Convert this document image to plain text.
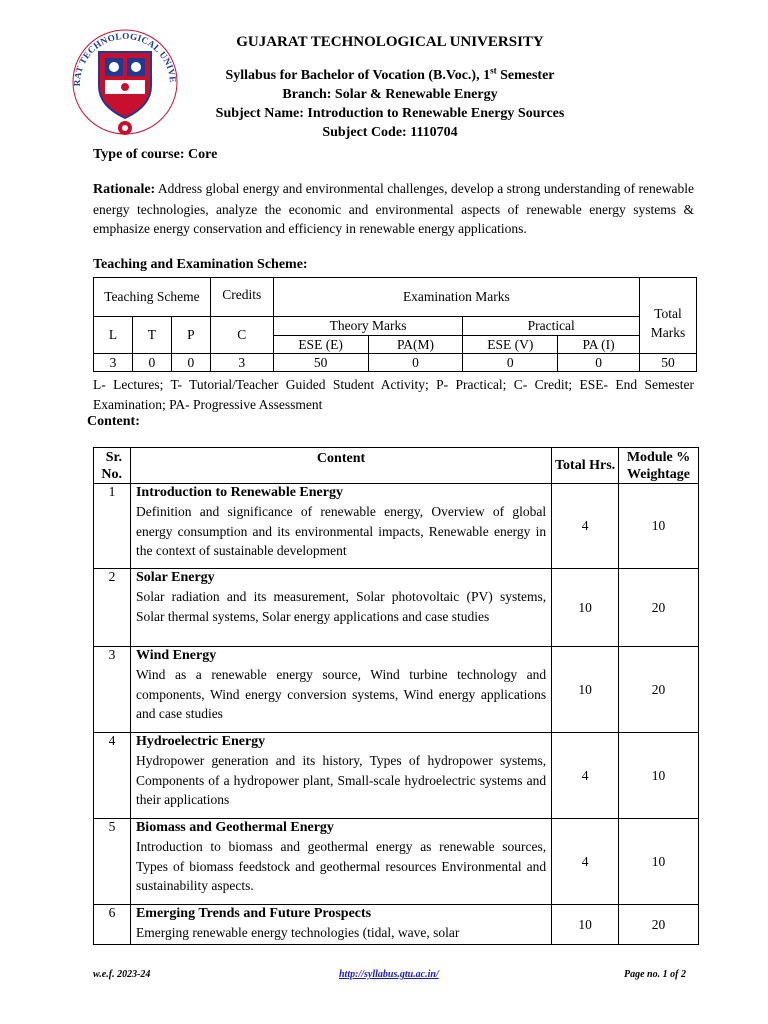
RAT TECHNOLOGICAL UNIVE
GUJARAT TECHNOLOGICAL UNIVERSITY
Syllabus for Bachelor of Vocation (B.Voc.), 1st Semester
Branch: Solar & Renewable Energy
Subject Name: Introduction to Renewable Energy Sources
Subject Code: 1110704
Type of course: Core
Rationale: Address global energy and environmental challenges, develop a strong understanding of renewable energy technologies, analyze the economic and environmental aspects of renewable energy systems & emphasize energy conservation and efficiency in renewable energy applications.
Teaching and Examination Scheme:
Teaching Scheme			Credits	Examination Marks				Total Marks
L	T	P	C	Theory Marks		Practical		
				ESE (E)	PA(M)	ESE (V)	PA (I)	
3	0	0	3	50	0	0	0	50
L- Lectures; T- Tutorial/Teacher Guided Student Activity; P- Practical; C- Credit; ESE- End Semester Examination; PA- Progressive Assessment
Content:
Sr. No.	Content	Total Hrs.	Module % Weightage
1	Introduction to Renewable Energy
Definition and significance of renewable energy, Overview of global energy consumption and its environmental impacts, Renewable energy in the context of sustainable development	4	10
2	Solar Energy
Solar radiation and its measurement, Solar photovoltaic (PV) systems, Solar thermal systems, Solar energy applications and case studies	10	20
3	Wind Energy
Wind as a renewable energy source, Wind turbine technology and components, Wind energy conversion systems, Wind energy applications and case studies	10	20
4	Hydroelectric Energy
Hydropower generation and its history, Types of hydropower systems, Components of a hydropower plant, Small-scale hydroelectric systems and their applications	4	10
5	Biomass and Geothermal Energy
Introduction to biomass and geothermal energy as renewable sources, Types of biomass feedstock and geothermal resources Environmental and sustainability aspects.	4	10
6	Emerging Trends and Future Prospects
Emerging renewable energy technologies (tidal, wave, solar	10	20
w.e.f. 2023-24	http://syllabus.gtu.ac.in/	Page no. 1 of 2
